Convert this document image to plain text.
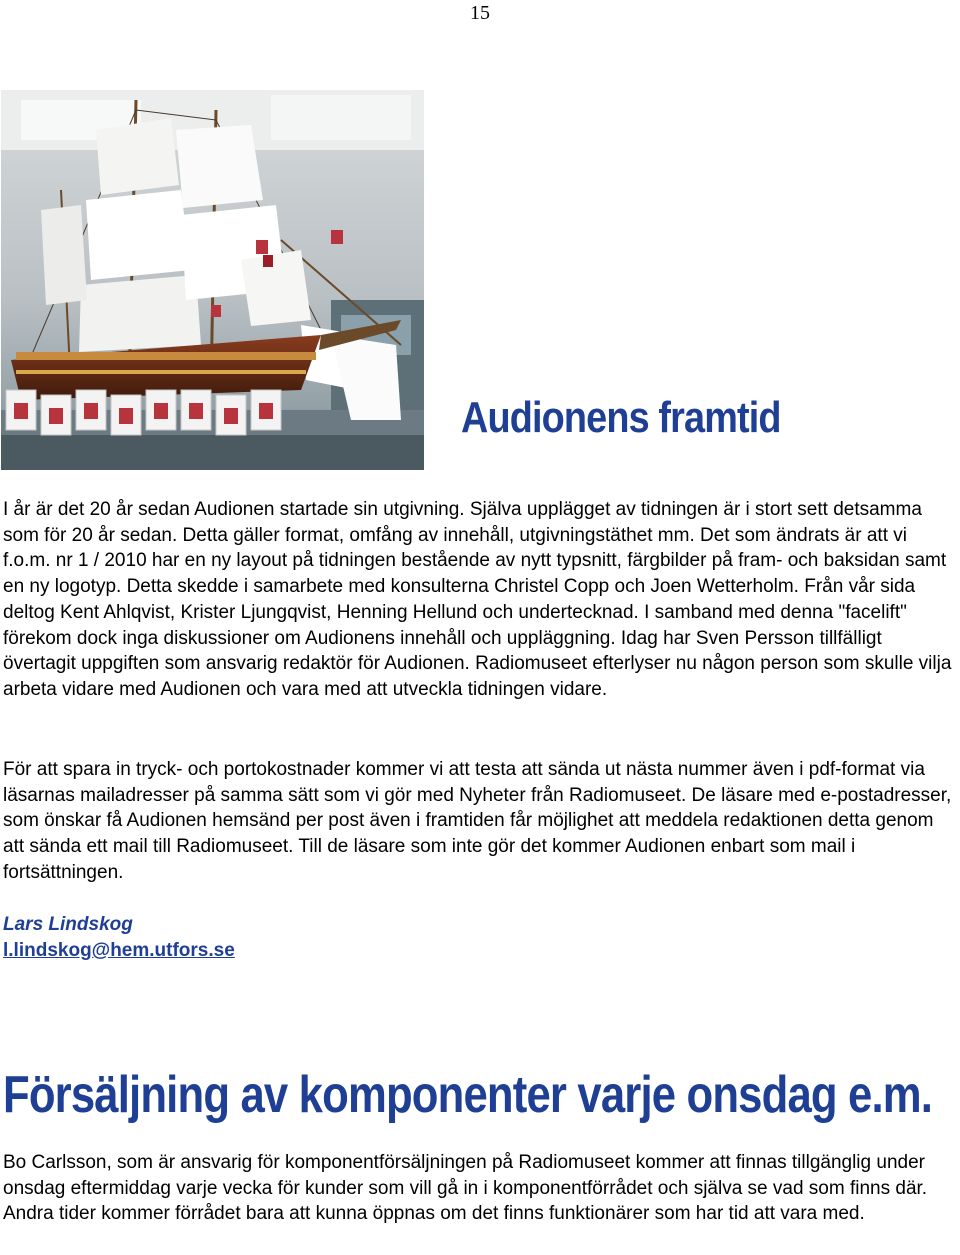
15
Audionens framtid

I år är det 20 år sedan Audionen startade sin utgivning. Själva upplägget av tidningen är i stort sett detsamma som för 20 år sedan. Detta gäller format, omfång av innehåll, utgivningstäthet mm. Det som ändrats är att vi f.o.m. nr 1 / 2010 har en ny layout på tidningen bestående av nytt typsnitt, färgbilder på fram- och baksidan samt en ny logotyp. Detta skedde i samarbete med konsulterna Christel Copp och Joen Wetterholm. Från vår sida deltog Kent Ahlqvist, Krister Ljungqvist, Henning Hellund och undertecknad. I samband med denna "facelift" förekom dock inga diskussioner om Audionens innehåll och uppläggning. Idag har Sven Persson tillfälligt övertagit uppgiften som ansvarig redaktör för Audionen. Radiomuseet efterlyser nu någon person som skulle vilja arbeta vidare med Audionen och vara med att utveckla tidningen vidare.

För att spara in tryck- och portokostnader kommer vi att testa att sända ut nästa nummer även i pdf-format via läsarnas mailadresser på samma sätt som vi gör med Nyheter från Radiomuseet. De läsare med e-postadresser, som önskar få Audionen hemsänd per post även i framtiden får möjlighet att meddela redaktionen detta genom att sända ett mail till Radiomuseet. Till de läsare som inte gör det kommer Audionen enbart som mail i fortsättningen.

Lars Lindskog
l.lindskog@hem.utfors.se
Försäljning av komponenter varje onsdag e.m.

Bo Carlsson, som är ansvarig för komponentförsäljningen på Radiomuseet kommer att finnas tillgänglig under onsdag eftermiddag varje vecka för kunder som vill gå in i komponentförrådet och själva se vad som finns där. Andra tider kommer förrådet bara att kunna öppnas om det finns funktionärer som har tid att vara med.
